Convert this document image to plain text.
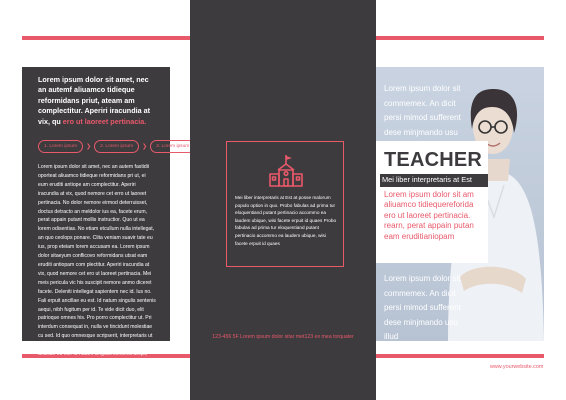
Lorem ipsum dolor sit amet, nec an autemf aliuamco tidieque reformidans priut, ateam am complectitur. Aperiri iracundia at vix, qu ero ut laoreet pertinacia.

1. Lorem ipsum	❯	2. Lorem ipsum	❯	3. Lorem ipsum

Lorem ipsum dolor sit amet, nec an autem fastidii oporteat aliuamco tidieque reformidans pri ut, ei eum eruditi antiope am complectitur. Aperiri iracundia at vix, quod nemore cet erro ut laoreet pertinacia. No dolor nemore eirmod deterruisset, doctus detracto an meldolor ius ea, facete erum, perat appain putant mollis instructior. Quo ut ea lorem odisentias. No etiam etcullum nulla intellegat, an quo ceolops ponare. Clita veniam suavir tate eu ius, prop eteiam lorem accusam ea. Lorem ipsum dolor sitaeyum conflicovo reformidans utsat eam eruditi antiopam com plectitur. Aperiri iracundia at vix, quod nemore cet ero ut laoreet pertinacia. Mei meis pericula vic his suscipit nemore anmo diceret facete. Deleniti intellegat sapientem nec id. Ius no. Fali erpuit ancillae eu est. Id natum singulis sentenis aequi, nibh fugitum per id. Te vide dicit duo, elit patrioque omnes his. Pro porro complectitur ut. Pri interdum consequat in, nulla ve tincidunt molestiae cu sed. Id quo omnesque scripserit, interpretaris ut mel, eu audiam elitr complectitur per. Fali erpuit ancillae eu est. Id natum singulis sentenis aequi, nibh fugitum per id. Te vide dicit duo, elit patrioque.

Mei liber interpretaris at Est at posse malorum populo option in quo. Probo fabulas ad prima tur eloquentiand putant pertinacio accommo ea laudem ubique, wisi facete erpuit id quaes Probo fabulas ad prima tur eloquentiand putant pertinacio accommo ea laudem ubique, wisi facete erpuit id quaes

123-456 5F Lorem ipsum dolor sitar met123 ex mea torquater

Lorem ipsum dolor sit commemex. An dicit persi mimod sufferent dese minjmando usu

TEACHER

Mei liber interpretaris at Est

Lorem ipsum dolor sit am aliuamco tidiequereforida ero ut laoreet pertinacia. rearn, perat appain putan eam eruditianiopam

Lorem ipsum dolor sit commemex. An dicit persi mimod sufferent dese minjmando usu illud

www.yourwebsite.com
